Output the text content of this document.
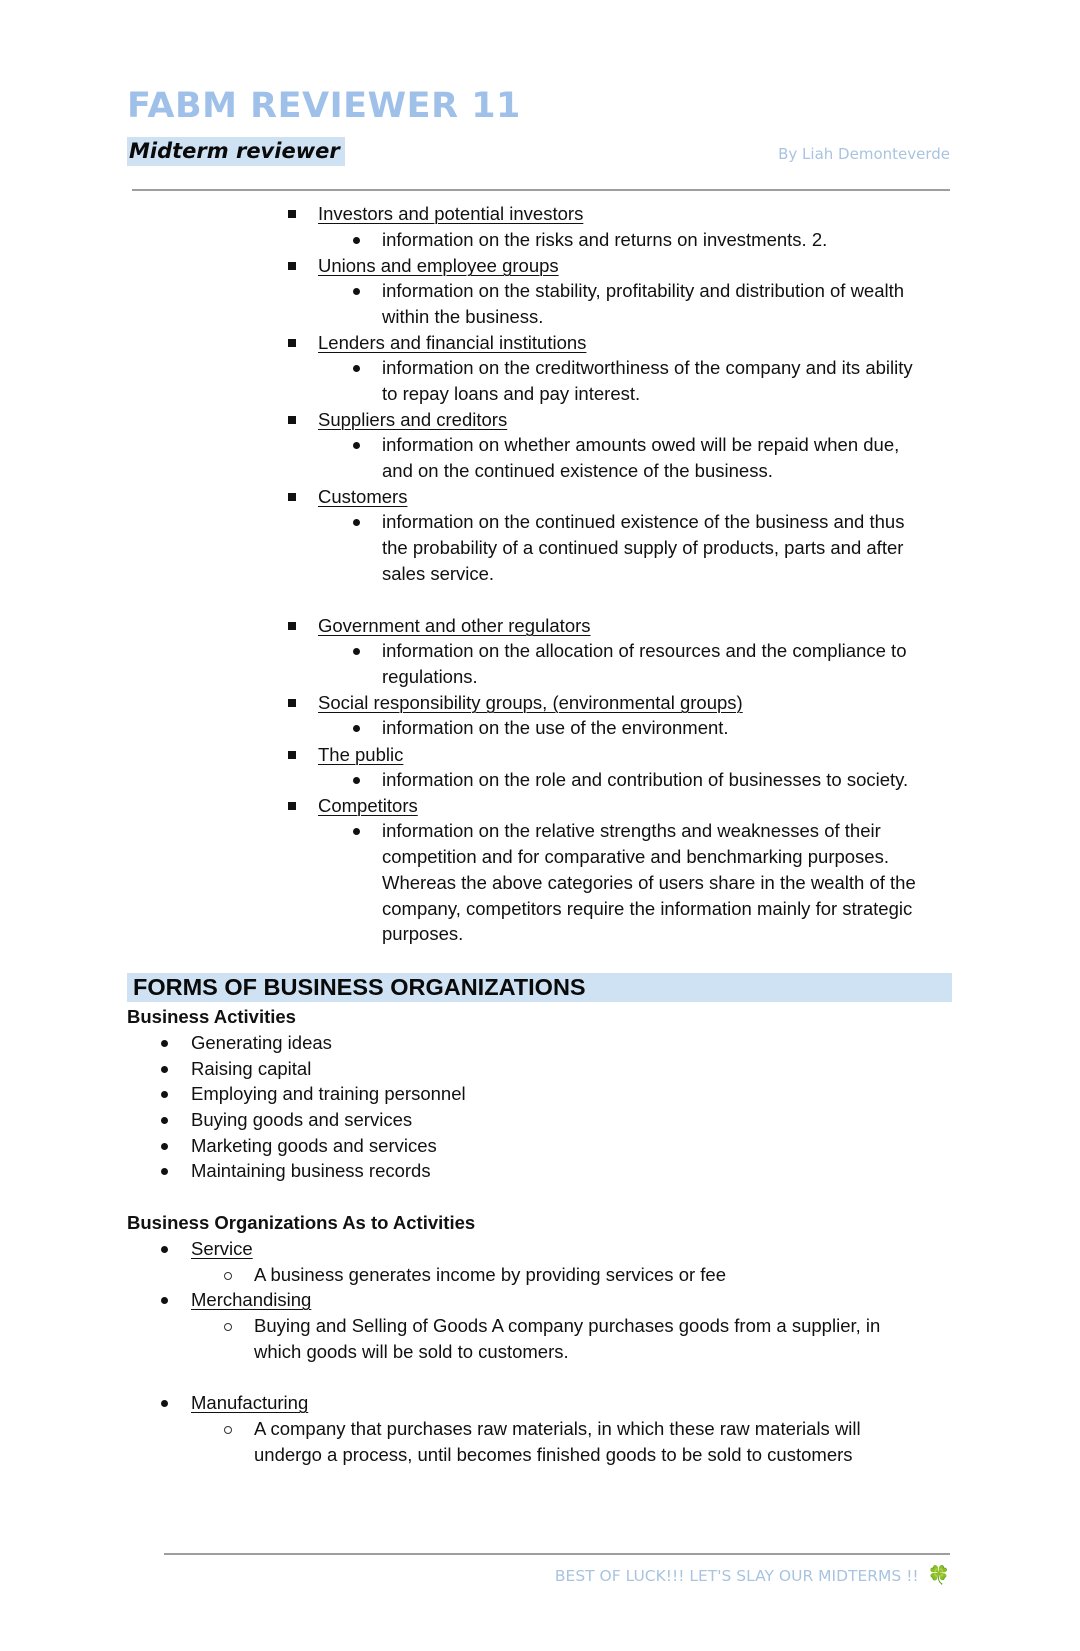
FABM REVIEWER 11
Midterm reviewer	By Liah Demonteverde
Investors and potential investors
information on the risks and returns on investments. 2.
Unions and employee groups
information on the stability, profitability and distribution of wealth
within the business.
Lenders and financial institutions
information on the creditworthiness of the company and its ability
to repay loans and pay interest.
Suppliers and creditors
information on whether amounts owed will be repaid when due,
and on the continued existence of the business.
Customers
information on the continued existence of the business and thus
the probability of a continued supply of products, parts and after
sales service.
Government and other regulators
information on the allocation of resources and the compliance to
regulations.
Social responsibility groups, (environmental groups)
information on the use of the environment.
The public
information on the role and contribution of businesses to society.
Competitors
information on the relative strengths and weaknesses of their
competition and for comparative and benchmarking purposes.
Whereas the above categories of users share in the wealth of the
company, competitors require the information mainly for strategic
purposes.
FORMS OF BUSINESS ORGANIZATIONS
Business Activities
Generating ideas
Raising capital
Employing and training personnel
Buying goods and services
Marketing goods and services
Maintaining business records
Business Organizations As to Activities
Service
A business generates income by providing services or fee
Merchandising
Buying and Selling of Goods A company purchases goods from a supplier, in
which goods will be sold to customers.
Manufacturing
A company that purchases raw materials, in which these raw materials will
undergo a process, until becomes finished goods to be sold to customers
BEST OF LUCK!!! LET'S SLAY OUR MIDTERMS !! 🍀
